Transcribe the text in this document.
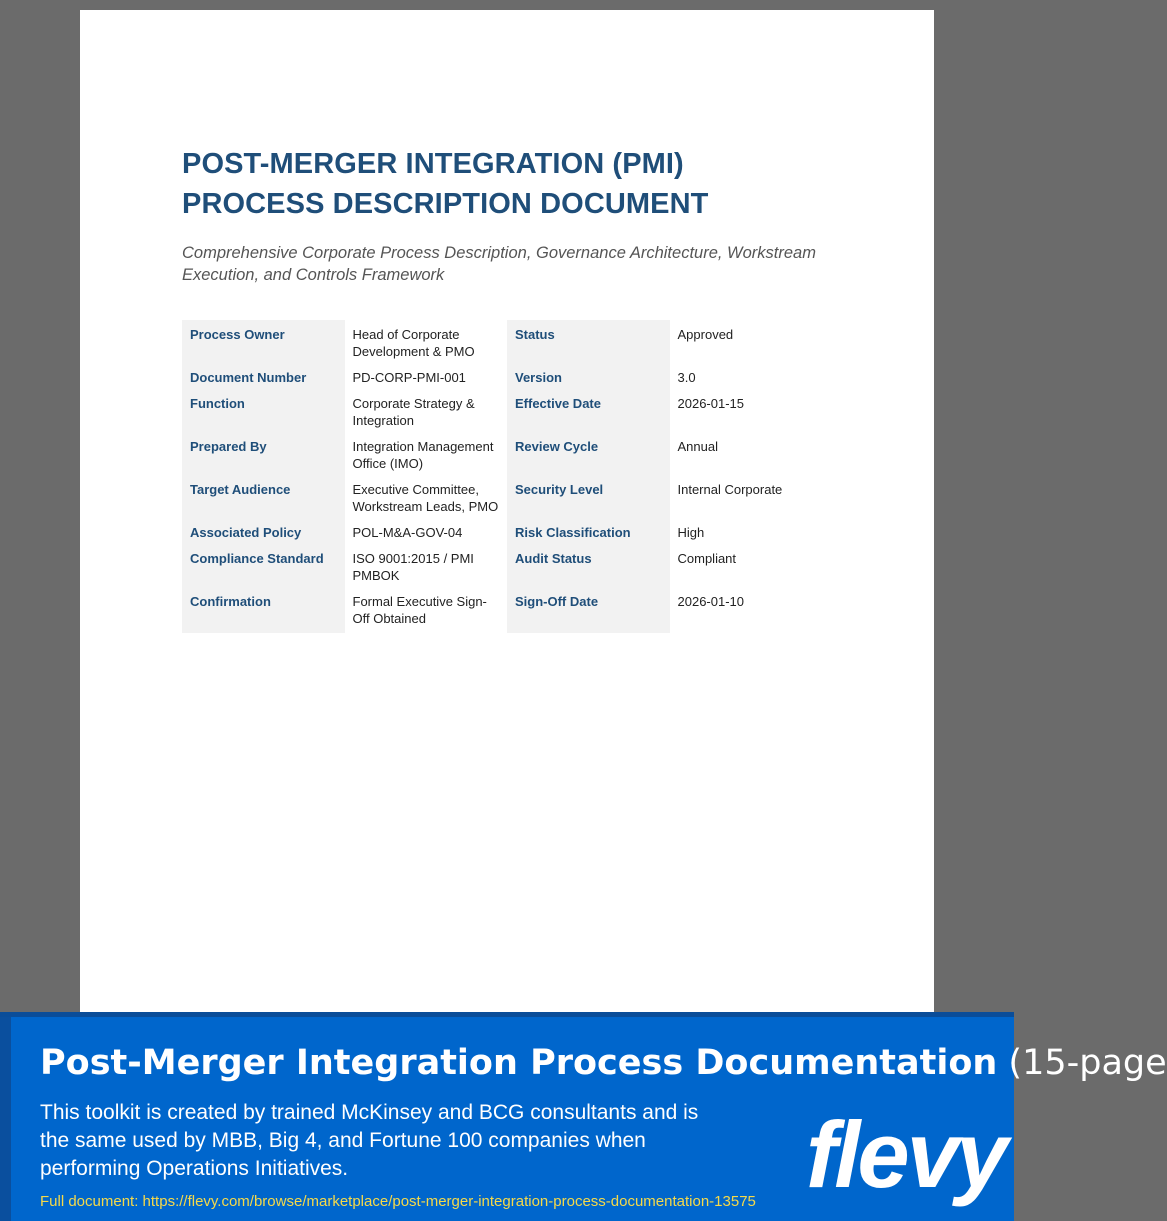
POST-MERGER INTEGRATION (PMI)
PROCESS DESCRIPTION DOCUMENT

Comprehensive Corporate Process Description, Governance Architecture, Workstream Execution, and Controls Framework

Process Owner	Head of Corporate Development & PMO	Status	Approved
Document Number	PD-CORP-PMI-001	Version	3.0
Function	Corporate Strategy & Integration	Effective Date	2026-01-15
Prepared By	Integration Management Office (IMO)	Review Cycle	Annual
Target Audience	Executive Committee, Workstream Leads, PMO	Security Level	Internal Corporate
Associated Policy	POL-M&A-GOV-04	Risk Classification	High
Compliance Standard	ISO 9001:2015 / PMI PMBOK	Audit Status	Compliant
Confirmation	Formal Executive Sign-Off Obtained	Sign-Off Date	2026-01-10
Post-Merger Integration Process Documentation (15-page

This toolkit is created by trained McKinsey and BCG consultants and is the same used by MBB, Big 4, and Fortune 100 companies when performing Operations Initiatives.

Full document: https://flevy.com/browse/marketplace/post-merger-integration-process-documentation-13575 flevy
